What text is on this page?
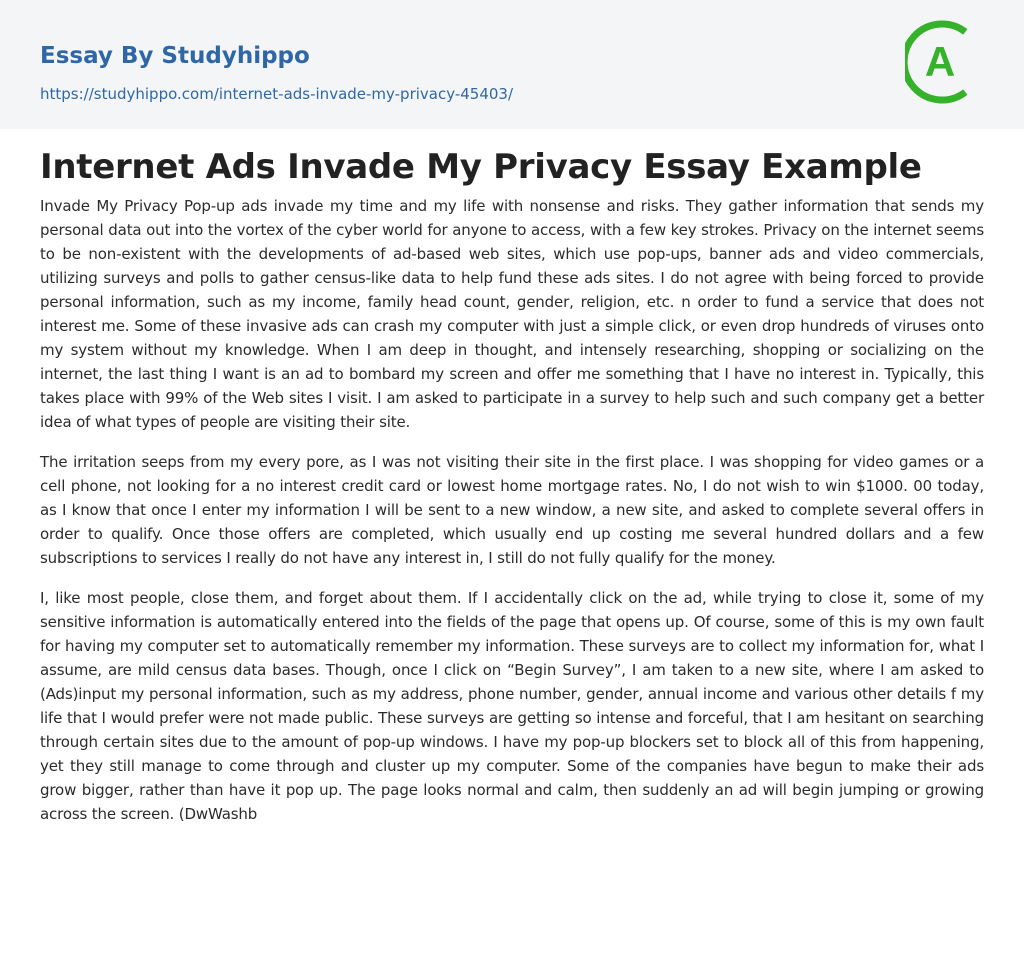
Essay By Studyhippo
https://studyhippo.com/internet-ads-invade-my-privacy-45403/
A
Internet Ads Invade My Privacy Essay Example

Invade My Privacy Pop-up ads invade my time and my life with nonsense and risks. They gather information that sends my personal data out into the vortex of the cyber world for anyone to access, with a few key strokes. Privacy on the internet seems to be non-existent with the developments of ad-based web sites, which use pop-ups, banner ads and video commercials, utilizing surveys and polls to gather census-like data to help fund these ads sites. I do not agree with being forced to provide personal information, such as my income, family head count, gender, religion, etc. n order to fund a service that does not interest me. Some of these invasive ads can crash my computer with just a simple click, or even drop hundreds of viruses onto my system without my knowledge. When I am deep in thought, and intensely researching, shopping or socializing on the internet, the last thing I want is an ad to bombard my screen and offer me something that I have no interest in. Typically, this takes place with 99% of the Web sites I visit. I am asked to participate in a survey to help such and such company get a better idea of what types of people are visiting their site.

The irritation seeps from my every pore, as I was not visiting their site in the first place. I was shopping for video games or a cell phone, not looking for a no interest credit card or lowest home mortgage rates. No, I do not wish to win $1000. 00 today, as I know that once I enter my information I will be sent to a new window, a new site, and asked to complete several offers in order to qualify. Once those offers are completed, which usually end up costing me several hundred dollars and a few subscriptions to services I really do not have any interest in, I still do not fully qualify for the money.

I, like most people, close them, and forget about them. If I accidentally click on the ad, while trying to close it, some of my sensitive information is automatically entered into the fields of the page that opens up. Of course, some of this is my own fault for having my computer set to automatically remember my information. These surveys are to collect my information for, what I assume, are mild census data bases. Though, once I click on “Begin Survey”, I am taken to a new site, where I am asked to (Ads)input my personal information, such as my address, phone number, gender, annual income and various other details f my life that I would prefer were not made public. These surveys are getting so intense and forceful, that I am hesitant on searching through certain sites due to the amount of pop-up windows. I have my pop-up blockers set to block all of this from happening, yet they still manage to come through and cluster up my computer. Some of the companies have begun to make their ads grow bigger, rather than have it pop up. The page looks normal and calm, then suddenly an ad will begin jumping or growing across the screen. (DwWashb
